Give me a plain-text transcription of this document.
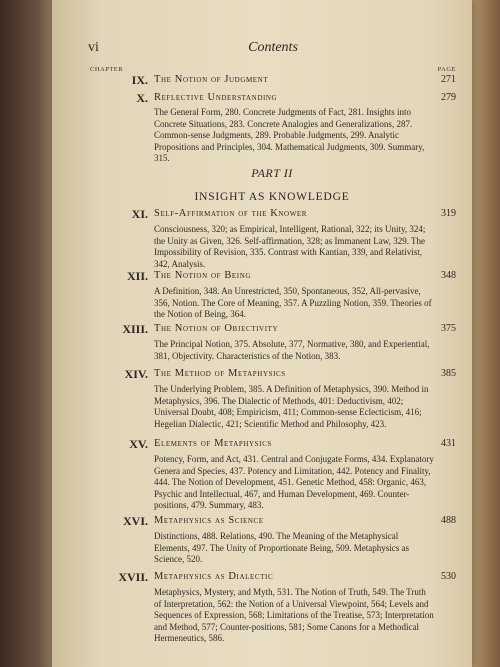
vi	Contents
CHAPTER	PAGE
IX. The Notion of Judgment	271
X. Reflective Understanding	279
The General Form, 280. Concrete Judgments of Fact, 281. Insights into Concrete Situations, 283. Concrete Analogies and Generalizations, 287. Common-sense Judgments, 289. Probable Judgments, 299. Analytic Propositions and Principles, 304. Mathematical Judgments, 309. Summary, 315.
PART II
INSIGHT AS KNOWLEDGE
XI. Self-Affirmation of the Knower	319
Consciousness, 320; as Empirical, Intelligent, Rational, 322; its Unity, 324; the Unity as Given, 326. Self-affirmation, 328; as Immanent Law, 329. The Impossibility of Revision, 335. Contrast with Kantian, 339, and Relativist, 342, Analysis.
XII. The Notion of Being	348
A Definition, 348. An Unrestricted, 350, Spontaneous, 352, All-pervasive, 356, Notion. The Core of Meaning, 357. A Puzzling Notion, 359. Theories of the Notion of Being, 364.
XIII. The Notion of Objectivity	375
The Principal Notion, 375. Absolute, 377, Normative, 380, and Experiential, 381, Objectivity. Characteristics of the Notion, 383.
XIV. The Method of Metaphysics	385
The Underlying Problem, 385. A Definition of Metaphysics, 390. Method in Metaphysics, 396. The Dialectic of Methods, 401: Deductivism, 402; Universal Doubt, 408; Empiricism, 411; Common-sense Eclecticism, 416; Hegelian Dialectic, 421; Scientific Method and Philosophy, 423.
XV. Elements of Metaphysics	431
Potency, Form, and Act, 431. Central and Conjugate Forms, 434. Explanatory Genera and Species, 437. Potency and Limitation, 442. Potency and Finality, 444. The Notion of Development, 451. Genetic Method, 458: Organic, 463, Psychic and Intellectual, 467, and Human Development, 469. Counter-positions, 479. Summary, 483.
XVI. Metaphysics as Science	488
Distinctions, 488. Relations, 490. The Meaning of the Metaphysical Elements, 497. The Unity of Proportionate Being, 509. Metaphysics as Science, 520.
XVII. Metaphysics as Dialectic	530
Metaphysics, Mystery, and Myth, 531. The Notion of Truth, 549. The Truth of Interpretation, 562: the Notion of a Universal Viewpoint, 564; Levels and Sequences of Expression, 568; Limitations of the Treatise, 573; Interpretation and Method, 577; Counter-positions, 581; Some Canons for a Methodical Hermeneutics, 586.
